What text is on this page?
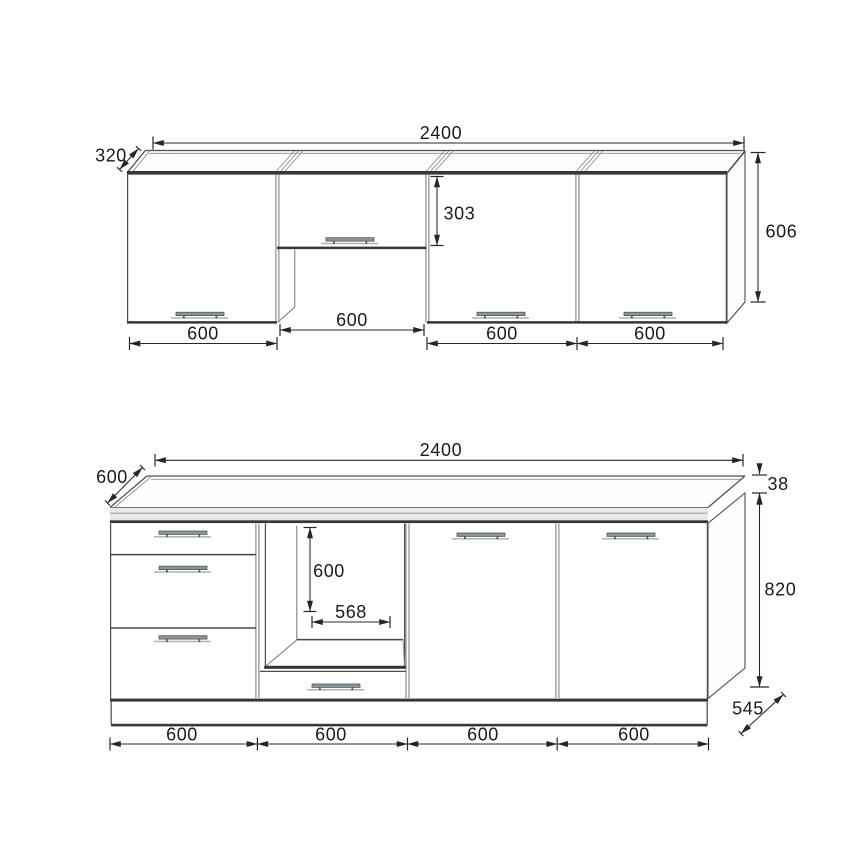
2400
320
303
606
600
600	600	600
2400
600	38
820
545
600
568
600	600	600	600
